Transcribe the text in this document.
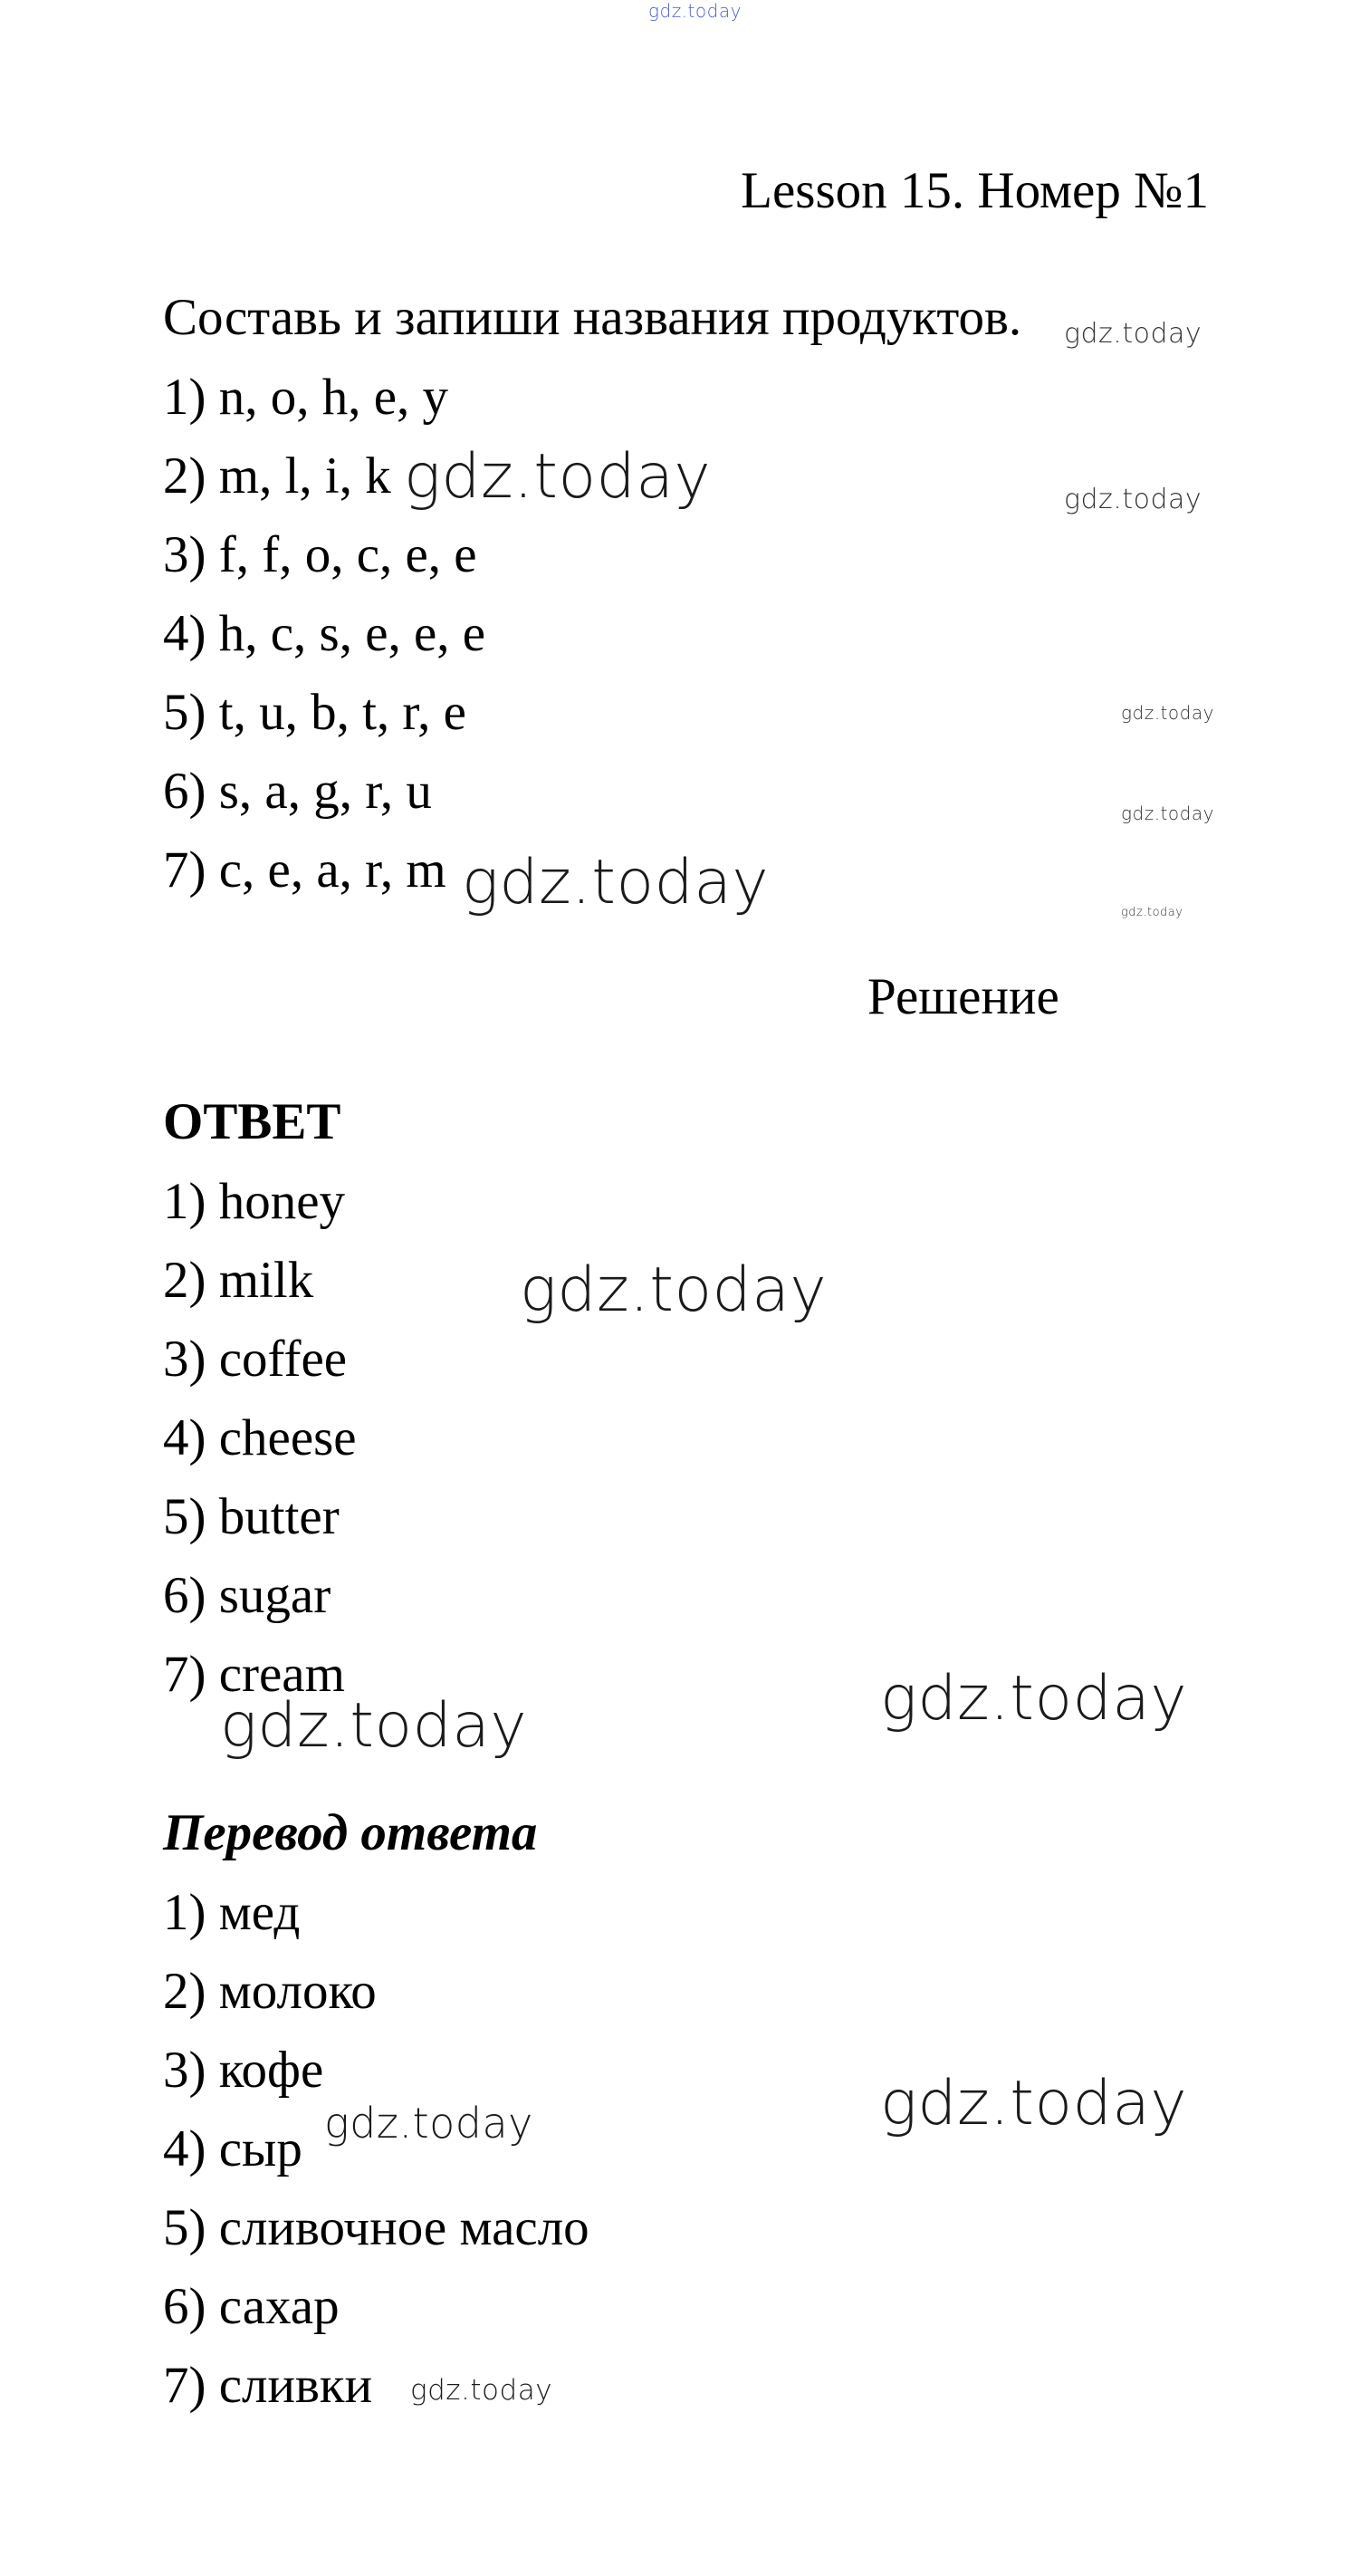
gdz.today
Lesson 15. Номер №1
Составь и запиши названия продуктов.
1) n, o, h, e, y
2) m, l, i, k
3) f, f, o, c, e, e
4) h, c, s, e, e, e
5) t, u, b, t, r, e
6) s, a, g, r, u
7) c, e, a, r, m
Решение
ОТВЕТ
1) honey
2) milk
3) coffee
4) cheese
5) butter
6) sugar
7) cream
Перевод ответа
1) мед
2) молоко
3) кофе
4) сыр
5) сливочное масло
6) сахар
7) сливки
gdz.today
gdz.today	gdz.today
gdz.today
gdz.today
gdz.today	gdz.today
gdz.today
gdz.today
gdz.today
gdz.today	gdz.today
gdz.today
